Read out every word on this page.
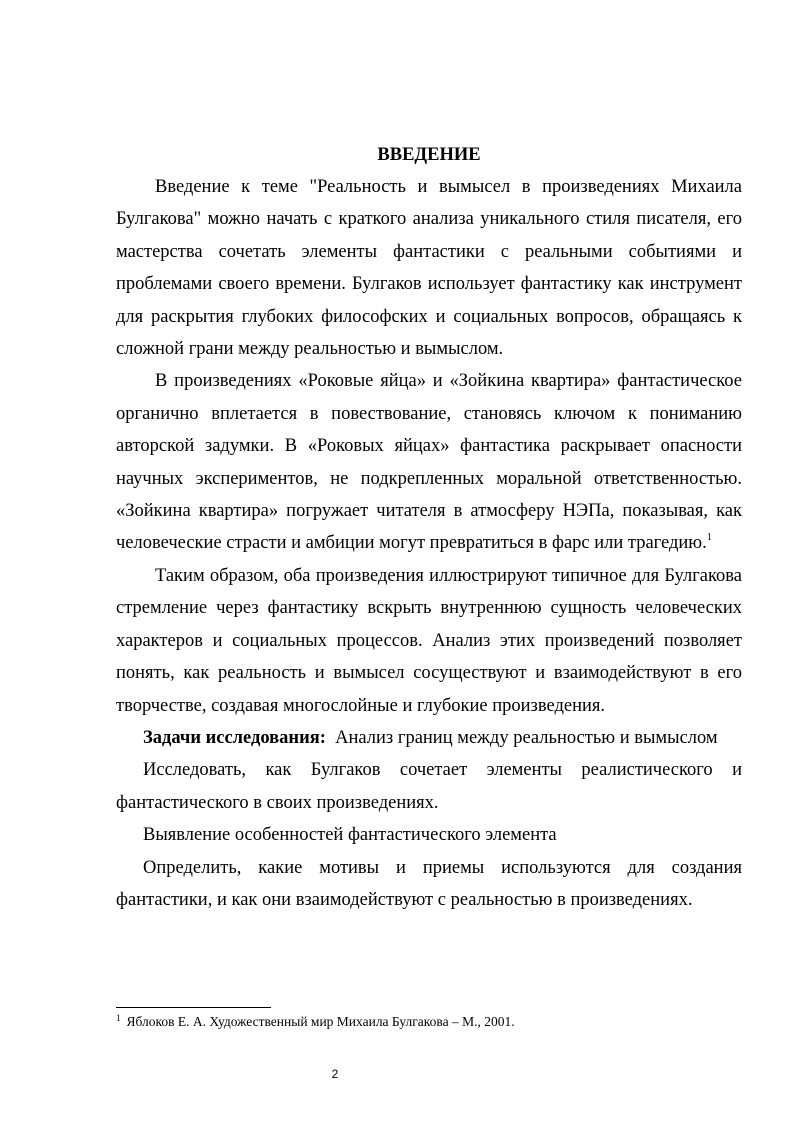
ВВЕДЕНИЕ

Введение к теме "Реальность и вымысел в произведениях Михаила Булгакова" можно начать с краткого анализа уникального стиля писателя, его мастерства сочетать элементы фантастики с реальными событиями и проблемами своего времени. Булгаков использует фантастику как инструмент для раскрытия глубоких философских и социальных вопросов, обращаясь к сложной грани между реальностью и вымыслом.

В произведениях «Роковые яйца» и «Зойкина квартира» фантастическое органично вплетается в повествование, становясь ключом к пониманию авторской задумки. В «Роковых яйцах» фантастика раскрывает опасности научных экспериментов, не подкрепленных моральной ответственностью. «Зойкина квартира» погружает читателя в атмосферу НЭПа, показывая, как человеческие страсти и амбиции могут превратиться в фарс или трагедию.$^1$

Таким образом, оба произведения иллюстрируют типичное для Булгакова стремление через фантастику вскрыть внутреннюю сущность человеческих характеров и социальных процессов. Анализ этих произведений позволяет понять, как реальность и вымысел сосуществуют и взаимодействуют в его творчестве, создавая многослойные и глубокие произведения.

Задачи исследования: Анализ границ между реальностью и вымыслом

Исследовать, как Булгаков сочетает элементы реалистического и фантастического в своих произведениях.

Выявление особенностей фантастического элемента

Определить, какие мотивы и приемы используются для создания фантастики, и как они взаимодействуют с реальностью в произведениях.

$^1$ Яблоков Е. А. Художественный мир Михаила Булгакова – М., 2001.
2
